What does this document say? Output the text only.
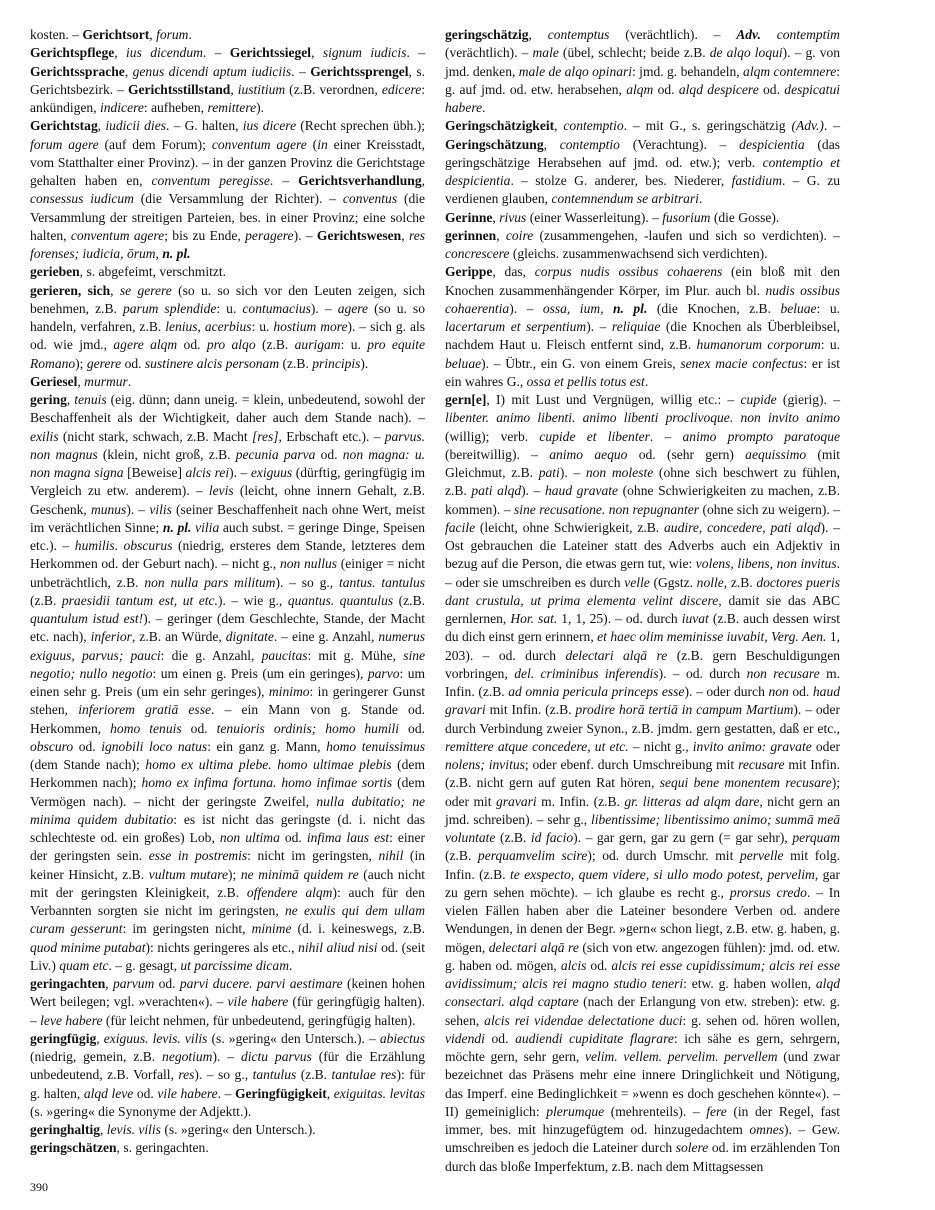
kosten. – Gerichtsort, forum.

Gerichtspflege, ius dicendum. – Gerichtssiegel, signum iudicis. – Gerichtssprache, genus dicendi aptum iudiciis. – Gerichtssprengel, s. Gerichtsbezirk. – Gerichtsstillstand, iustitium (z.B. verordnen, edicere: ankündigen, indicere: aufheben, remittere).

Gerichtstag, iudicii dies. – G. halten, ius dicere (Recht sprechen übh.); forum agere (auf dem Forum); conventum agere (in einer Kreisstadt, vom Statthalter einer Provinz). – in der ganzen Provinz die Gerichtstage gehalten haben en, conventum peregisse. – Gerichtsverhandlung, consessus iudicum (die Versammlung der Richter). – conventus (die Versammlung der streitigen Parteien, bes. in einer Provinz; eine solche halten, conventum agere; bis zu Ende, peragere). – Gerichtswesen, res forenses; iudicia, ōrum, n. pl.

gerieben, s. abgefeimt, verschmitzt.

gerieren, sich, se gerere (so u. so sich vor den Leuten zeigen, sich benehmen, z.B. parum splendide: u. contumacius). – agere (so u. so handeln, verfahren, z.B. lenius, acerbius: u. hostium more). – sich g. als od. wie jmd., agere alqm od. pro alqo (z.B. aurigam: u. pro equite Romano); gerere od. sustinere alcis personam (z.B. principis).

Geriesel, murmur.

gering, tenuis (eig. dünn; dann uneig. = klein, unbedeutend, sowohl der Beschaffenheit als der Wichtigkeit, daher auch dem Stande nach). – exilis (nicht stark, schwach, z.B. Macht [res], Erbschaft etc.). – parvus. non magnus (klein, nicht groß, z.B. pecunia parva od. non magna: u. non magna signa [Beweise] alcis rei). – exiguus (dürftig, geringfügig im Vergleich zu etw. anderem). – levis (leicht, ohne innern Gehalt, z.B. Geschenk, munus). – vilis (seiner Beschaffenheit nach ohne Wert, meist im verächtlichen Sinne; n. pl. vilia auch subst. = geringe Dinge, Speisen etc.). – humilis. obscurus (niedrig, ersteres dem Stande, letzteres dem Herkommen od. der Geburt nach). – nicht g., non nullus (einiger = nicht unbeträchtlich, z.B. non nulla pars militum). – so g., tantus. tantulus (z.B. praesidii tantum est, ut etc.). – wie g., quantus. quantulus (z.B. quantulum istud est!). – geringer (dem Geschlechte, Stande, der Macht etc. nach), inferior, z.B. an Würde, dignitate. – eine g. Anzahl, numerus exiguus, parvus; pauci: die g. Anzahl, paucitas: mit g. Mühe, sine negotio; nullo negotio: um einen g. Preis (um ein geringes), parvo: um einen sehr g. Preis (um ein sehr geringes), minimo: in geringerer Gunst stehen, inferiorem gratiā esse. – ein Mann von g. Stande od. Herkommen, homo tenuis od. tenuioris ordinis; homo humili od. obscuro od. ignobili loco natus: ein ganz g. Mann, homo tenuissimus (dem Stande nach); homo ex ultima plebe. homo ultimae plebis (dem Herkommen nach); homo ex infima fortuna. homo infimae sortis (dem Vermögen nach). – nicht der geringste Zweifel, nulla dubitatio; ne minima quidem dubitatio: es ist nicht das geringste (d. i. nicht das schlechteste od. ein großes) Lob, non ultima od. infima laus est: einer der geringsten sein. esse in postremis: nicht im geringsten, nihil (in keiner Hinsicht, z.B. vultum mutare); ne minimā quidem re (auch nicht mit der geringsten Kleinigkeit, z.B. offendere alqm): auch für den Verbannten sorgten sie nicht im geringsten, ne exulis qui dem ullam curam gesserunt: im geringsten nicht, minime (d. i. keineswegs, z.B. quod minime putabat): nichts geringeres als etc., nihil aliud nisi od. (seit Liv.) quam etc. – g. gesagt, ut parcissime dicam.

geringachten, parvum od. parvi ducere. parvi aestimare (keinen hohen Wert beilegen; vgl. »verachten«). – vile habere (für geringfügig halten). – leve habere (für leicht nehmen, für unbedeutend, geringfügig halten).

geringfügig, exiguus. levis. vilis (s. »gering« den Untersch.). – abiectus (niedrig, gemein, z.B. negotium). – dictu parvus (für die Erzählung unbedeutend, z.B. Vorfall, res). – so g., tantulus (z.B. tantulae res): für g. halten, alqd leve od. vile habere. – Geringfügigkeit, exiguitas. levitas (s. »gering« die Synonyme der Adjektt.).

geringhaltig, levis. vilis (s. »gering« den Untersch.).

geringschätzen, s. geringachten.

geringschätzig, contemptus (verächtlich). – Adv. contemptim (verächtlich). – male (übel, schlecht; beide z.B. de alqo loqui). – g. von jmd. denken, male de alqo opinari: jmd. g. behandeln, alqm contemnere: g. auf jmd. od. etw. herabsehen, alqm od. alqd despicere od. despicatui habere.

Geringschätzigkeit, contemptio. – mit G., s. geringschätzig (Adv.). – Geringschätzung, contemptio (Verachtung). – despicientia (das geringschätzige Herabsehen auf jmd. od. etw.); verb. contemptio et despicientia. – stolze G. anderer, bes. Niederer, fastidium. – G. zu verdienen glauben, contemnendum se arbitrari.

Gerinne, rivus (einer Wasserleitung). – fusorium (die Gosse).

gerinnen, coire (zusammengehen, -laufen und sich so verdichten). – concrescere (gleichs. zusammenwachsend sich verdichten).

Gerippe, das, corpus nudis ossibus cohaerens (ein bloß mit den Knochen zusammenhängender Körper, im Plur. auch bl. nudis ossibus cohaerentia). – ossa, ium, n. pl. (die Knochen, z.B. beluae: u. lacertarum et serpentium). – reliquiae (die Knochen als Überbleibsel, nachdem Haut u. Fleisch entfernt sind, z.B. humanorum corporum: u. beluae). – Übtr., ein G. von einem Greis, senex macie confectus: er ist ein wahres G., ossa et pellis totus est.

gern[e], I) mit Lust und Vergnügen, willig etc.: – cupide (gierig). – libenter. animo libenti. animo libenti proclivoque. non invito animo (willig); verb. cupide et libenter. – animo prompto paratoque (bereitwillig). – animo aequo od. (sehr gern) aequissimo (mit Gleichmut, z.B. pati). – non moleste (ohne sich beschwert zu fühlen, z.B. pati alqd). – haud gravate (ohne Schwierigkeiten zu machen, z.B. kommen). – sine recusatione. non repugnanter (ohne sich zu weigern). – facile (leicht, ohne Schwierigkeit, z.B. audire, concedere, pati alqd). – Ost gebrauchen die Lateiner statt des Adverbs auch ein Adjektiv in bezug auf die Person, die etwas gern tut, wie: volens, libens, non invitus. – oder sie umschreiben es durch velle (Ggstz. nolle, z.B. doctores pueris dant crustula, ut prima elementa velint discere, damit sie das ABC gernlernen, Hor. sat. 1, 1, 25). – od. durch iuvat (z.B. auch dessen wirst du dich einst gern erinnern, et haec olim meminisse iuvabit, Verg. Aen. 1, 203). – od. durch delectari alqā re (z.B. gern Beschuldigungen vorbringen, del. criminibus inferendis). – od. durch non recusare m. Infin. (z.B. ad omnia pericula princeps esse). – oder durch non od. haud gravari mit Infin. (z.B. prodire horā tertiā in campum Martium). – oder durch Verbindung zweier Synon., z.B. jmdm. gern gestatten, daß er etc., remittere atque concedere, ut etc. – nicht g., invito animo: gravate oder nolens; invitus; oder ebenf. durch Umschreibung mit recusare mit Infin. (z.B. nicht gern auf guten Rat hören, sequi bene monentem recusare); oder mit gravari m. Infin. (z.B. gr. litteras ad alqm dare, nicht gern an jmd. schreiben). – sehr g., libentissime; libentissimo animo; summā meā voluntate (z.B. id facio). – gar gern, gar zu gern (= gar sehr), perquam (z.B. perquamvelim scire); od. durch Umschr. mit pervelle mit folg. Infin. (z.B. te exspecto, quem videre, si ullo modo potest, pervelim, gar zu gern sehen möchte). – ich glaube es recht g., prorsus credo. – In vielen Fällen haben aber die Lateiner besondere Verben od. andere Wendungen, in denen der Begr. »gern« schon liegt, z.B. etw. g. haben, g. mögen, delectari alqā re (sich von etw. angezogen fühlen): jmd. od. etw. g. haben od. mögen, alcis od. alcis rei esse cupidissimum; alcis rei esse avidissimum; alcis rei magno studio teneri: etw. g. haben wollen, alqd consectari. alqd captare (nach der Erlangung von etw. streben): etw. g. sehen, alcis rei videndae delectatione duci: g. sehen od. hören wollen, videndi od. audiendi cupiditate flagrare: ich sähe es gern, sehrgern, möchte gern, sehr gern, velim. vellem. pervelim. pervellem (und zwar bezeichnet das Präsens mehr eine innere Dringlichkeit und Nötigung, das Imperf. eine Bedinglichkeit = »wenn es doch geschehen könnte«). – II) gemeiniglich: plerumque (mehrenteils). – fere (in der Regel, fast immer, bes. mit hinzugefügtem od. hinzugedachtem omnes). – Gew. umschreiben es jedoch die Lateiner durch solere od. im erzählenden Ton durch das bloße Imperfektum, z.B. nach dem Mittagsessen

390
